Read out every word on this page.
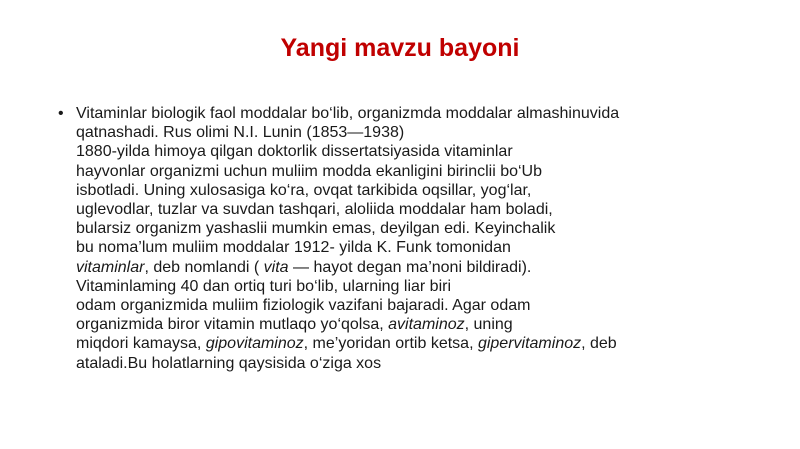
Yangi mavzu bayoni
• Vitaminlar biologik faol moddalar bo‘lib, organizmda moddalar almashinuvida
qatnashadi. Rus olimi N.I. Lunin (1853—1938)
1880-yilda himoya qilgan doktorlik dissertatsiyasida vitaminlar
hayvonlar organizmi uchun muliim modda ekanligini birinclii bo‘Ub
isbotladi. Uning xulosasiga ko‘ra, ovqat tarkibida oqsillar, yog‘lar,
uglevodlar, tuzlar va suvdan tashqari, aloliida moddalar ham boladi,
bularsiz organizm yashaslii mumkin emas, deyilgan edi. Keyinchalik
bu noma’lum muliim moddalar 1912- yilda K. Funk tomonidan
vitaminlar, deb nomlandi ( vita — hayot degan ma’noni bildiradi).
Vitaminlaming 40 dan ortiq turi bo‘lib, ularning liar biri
odam organizmida muliim fiziologik vazifani bajaradi. Agar odam
organizmida biror vitamin mutlaqo yo‘qolsa, avitaminoz, uning
miqdori kamaysa, gipovitaminoz, me’yoridan ortib ketsa, gipervitaminoz, deb
ataladi.Bu holatlarning qaysisida o‘ziga xos
